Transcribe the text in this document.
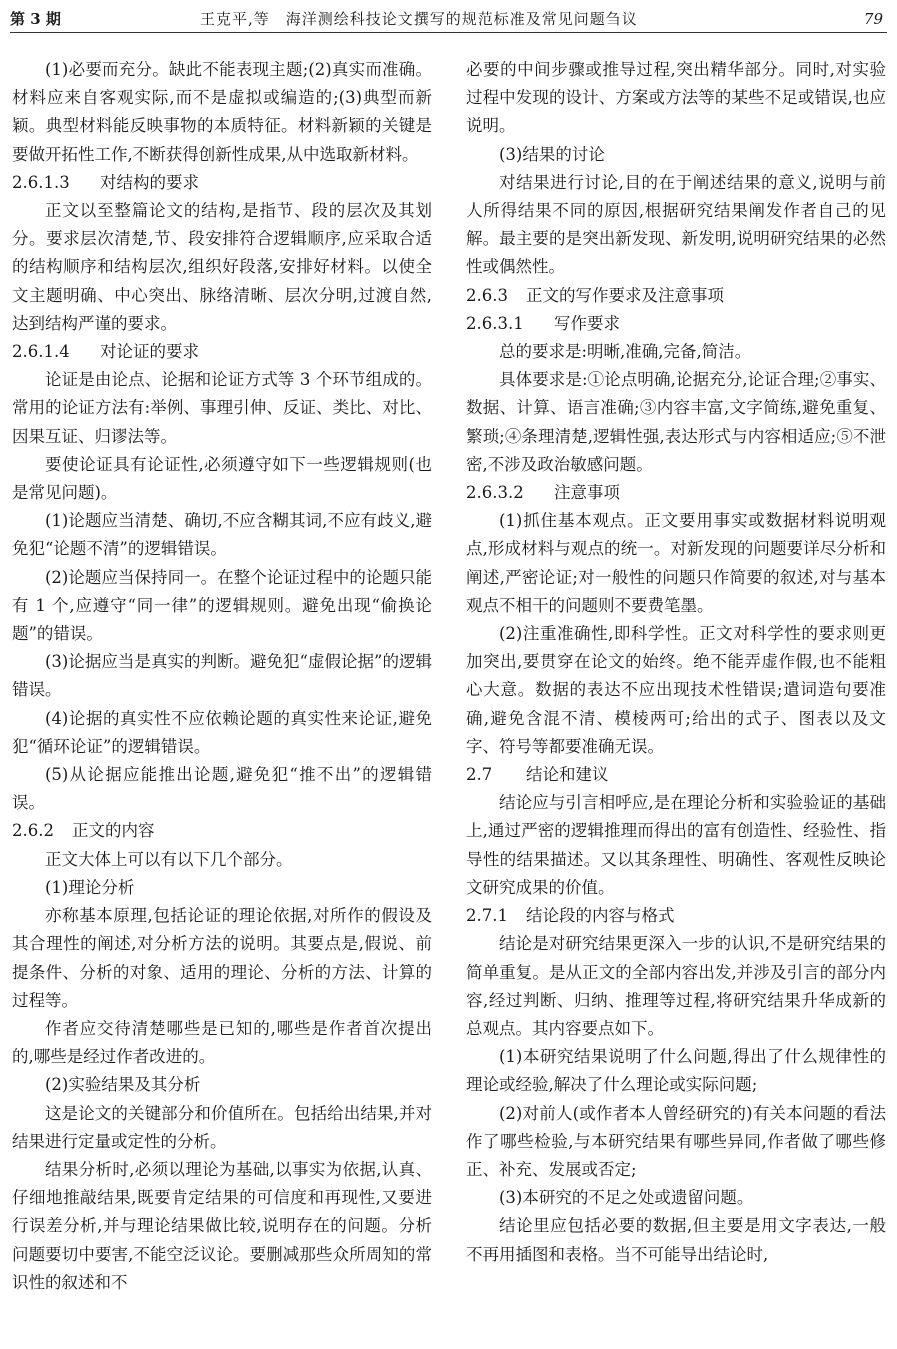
第 3 期	王克平,等　海洋测绘科技论文撰写的规范标准及常见问题刍议	79

(1)必要而充分。缺此不能表现主题;(2)真实而准确。材料应来自客观实际,而不是虚拟或编造的;(3)典型而新颖。典型材料能反映事物的本质特征。材料新颖的关键是要做开拓性工作,不断获得创新性成果,从中选取新材料。

2.6.1.3 对结构的要求

正文以至整篇论文的结构,是指节、段的层次及其划分。要求层次清楚,节、段安排符合逻辑顺序,应采取合适的结构顺序和结构层次,组织好段落,安排好材料。以使全文主题明确、中心突出、脉络清晰、层次分明,过渡自然,达到结构严谨的要求。

2.6.1.4 对论证的要求

论证是由论点、论据和论证方式等 3 个环节组成的。常用的论证方法有:举例、事理引伸、反证、类比、对比、因果互证、归谬法等。

要使论证具有论证性,必须遵守如下一些逻辑规则(也是常见问题)。

(1)论题应当清楚、确切,不应含糊其词,不应有歧义,避免犯“论题不清”的逻辑错误。

(2)论题应当保持同一。在整个论证过程中的论题只能有 1 个,应遵守“同一律”的逻辑规则。避免出现“偷换论题”的错误。

(3)论据应当是真实的判断。避免犯“虚假论据”的逻辑错误。

(4)论据的真实性不应依赖论题的真实性来论证,避免犯“循环论证”的逻辑错误。

(5)从论据应能推出论题,避免犯“推不出”的逻辑错误。

2.6.2 正文的内容

正文大体上可以有以下几个部分。

(1)理论分析

亦称基本原理,包括论证的理论依据,对所作的假设及其合理性的阐述,对分析方法的说明。其要点是,假说、前提条件、分析的对象、适用的理论、分析的方法、计算的过程等。

作者应交待清楚哪些是已知的,哪些是作者首次提出的,哪些是经过作者改进的。

(2)实验结果及其分析

这是论文的关键部分和价值所在。包括给出结果,并对结果进行定量或定性的分析。

结果分析时,必须以理论为基础,以事实为依据,认真、仔细地推敲结果,既要肯定结果的可信度和再现性,又要进行误差分析,并与理论结果做比较,说明存在的问题。分析问题要切中要害,不能空泛议论。要删减那些众所周知的常识性的叙述和不

必要的中间步骤或推导过程,突出精华部分。同时,对实验过程中发现的设计、方案或方法等的某些不足或错误,也应说明。

(3)结果的讨论

对结果进行讨论,目的在于阐述结果的意义,说明与前人所得结果不同的原因,根据研究结果阐发作者自己的见解。最主要的是突出新发现、新发明,说明研究结果的必然性或偶然性。

2.6.3 正文的写作要求及注意事项
2.6.3.1 写作要求

总的要求是:明晰,准确,完备,简洁。

具体要求是:①论点明确,论据充分,论证合理;②事实、数据、计算、语言准确;③内容丰富,文字简练,避免重复、繁琐;④条理清楚,逻辑性强,表达形式与内容相适应;⑤不泄密,不涉及政治敏感问题。

2.6.3.2 注意事项

(1)抓住基本观点。正文要用事实或数据材料说明观点,形成材料与观点的统一。对新发现的问题要详尽分析和阐述,严密论证;对一般性的问题只作简要的叙述,对与基本观点不相干的问题则不要费笔墨。

(2)注重准确性,即科学性。正文对科学性的要求则更加突出,要贯穿在论文的始终。绝不能弄虚作假,也不能粗心大意。数据的表达不应出现技术性错误;遣词造句要准确,避免含混不清、模棱两可;给出的式子、图表以及文字、符号等都要准确无误。

2.7 结论和建议

结论应与引言相呼应,是在理论分析和实验验证的基础上,通过严密的逻辑推理而得出的富有创造性、经验性、指导性的结果描述。又以其条理性、明确性、客观性反映论文研究成果的价值。

2.7.1 结论段的内容与格式

结论是对研究结果更深入一步的认识,不是研究结果的简单重复。是从正文的全部内容出发,并涉及引言的部分内容,经过判断、归纳、推理等过程,将研究结果升华成新的总观点。其内容要点如下。

(1)本研究结果说明了什么问题,得出了什么规律性的理论或经验,解决了什么理论或实际问题;

(2)对前人(或作者本人曾经研究的)有关本问题的看法作了哪些检验,与本研究结果有哪些异同,作者做了哪些修正、补充、发展或否定;

(3)本研究的不足之处或遗留问题。

结论里应包括必要的数据,但主要是用文字表达,一般不再用插图和表格。当不可能导出结论时,
